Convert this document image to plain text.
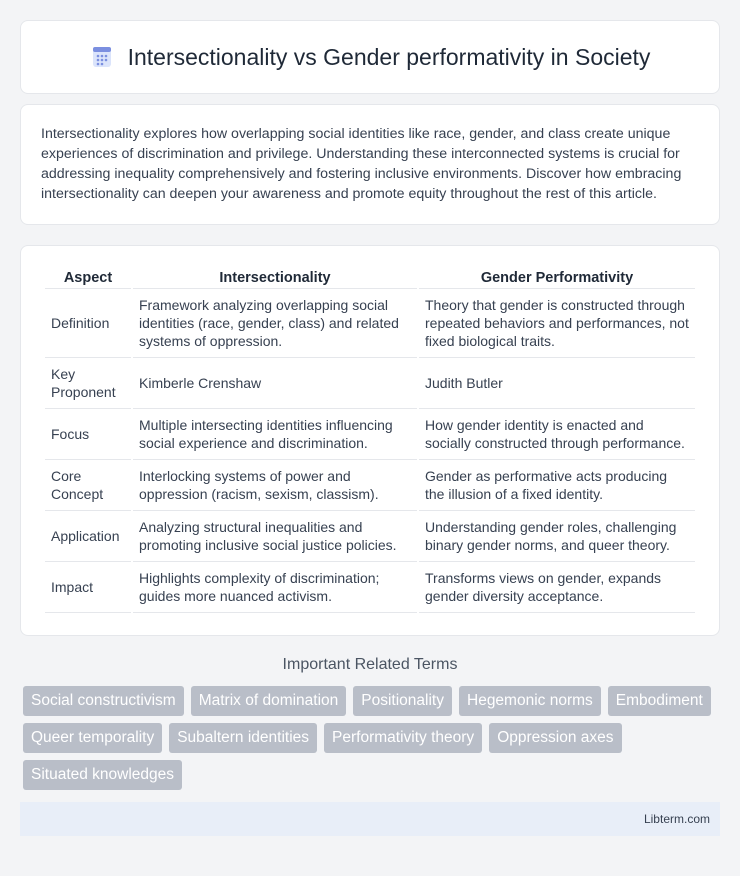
Intersectionality vs Gender performativity in Society

Intersectionality explores how overlapping social identities like race, gender, and class create unique experiences of discrimination and privilege. Understanding these interconnected systems is crucial for addressing inequality comprehensively and fostering inclusive environments. Discover how embracing intersectionality can deepen your awareness and promote equity throughout the rest of this article.

Aspect	Intersectionality	Gender Performativity
Definition	Framework analyzing overlapping social identities (race, gender, class) and related systems of oppression.	Theory that gender is constructed through repeated behaviors and performances, not fixed biological traits.
Key Proponent	Kimberle Crenshaw	Judith Butler
Focus	Multiple intersecting identities influencing social experience and discrimination.	How gender identity is enacted and socially constructed through performance.
Core Concept	Interlocking systems of power and oppression (racism, sexism, classism).	Gender as performative acts producing the illusion of a fixed identity.
Application	Analyzing structural inequalities and promoting inclusive social justice policies.	Understanding gender roles, challenging binary gender norms, and queer theory.
Impact	Highlights complexity of discrimination; guides more nuanced activism.	Transforms views on gender, expands gender diversity acceptance.
Important Related Terms
Social constructivism	Matrix of domination	Positionality	Hegemonic norms	Embodiment
Queer temporality	Subaltern identities	Performativity theory	Oppression axes
Situated knowledges
Libterm.com
